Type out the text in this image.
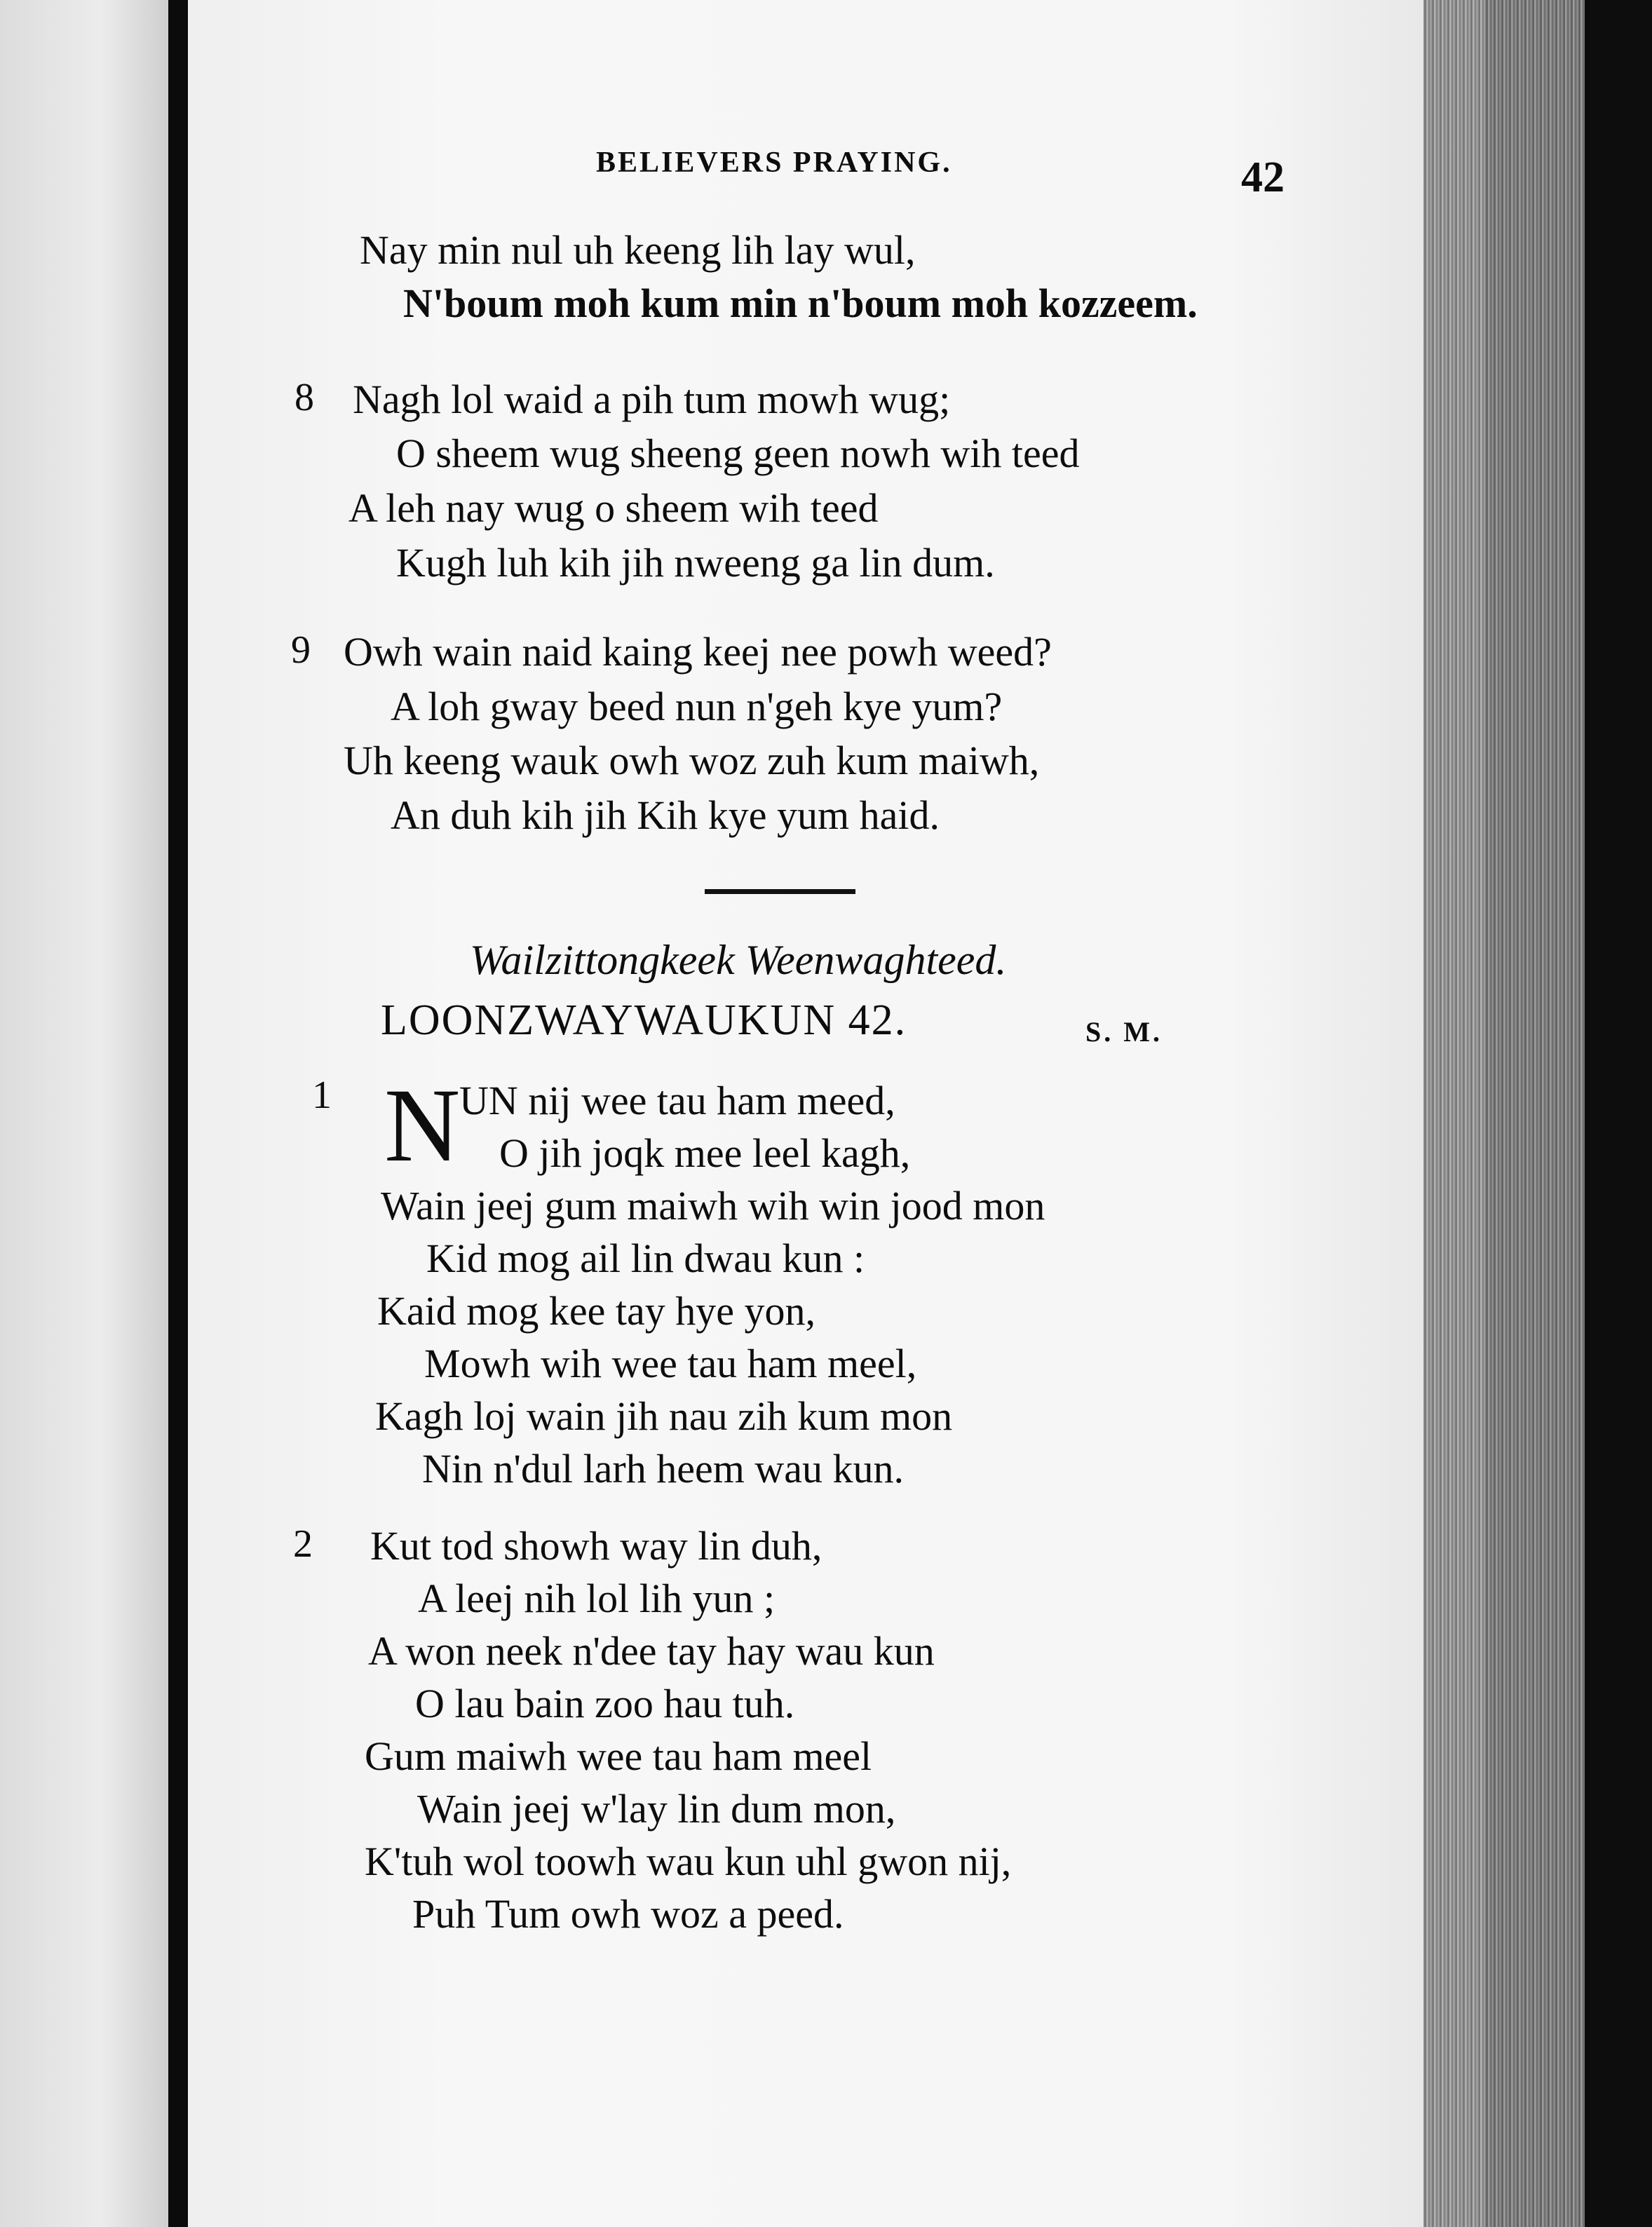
BELIEVERS PRAYING.	42
Nay min nul uh keeng lih lay wul,
N'boum moh kum min n'boum moh kozzeem.
8 Nagh lol waid a pih tum mowh wug;
O sheem wug sheeng geen nowh wih teed
A leh nay wug o sheem wih teed
Kugh luh kih jih nweeng ga lin dum.
9 Owh wain naid kaing keej nee powh weed?
A loh gway beed nun n'geh kye yum?
Uh keeng wauk owh woz zuh kum maiwh,
An duh kih jih Kih kye yum haid.
Wailzittongkeek Weenwaghteed.
LOONZWAYWAUKUN 42.	S. M.
1 N
UN nij wee tau ham meed,
O jih joqk mee leel kagh,
Wain jeej gum maiwh wih win jood mon
Kid mog ail lin dwau kun :
Kaid mog kee tay hye yon,
Mowh wih wee tau ham meel,
Kagh loj wain jih nau zih kum mon
Nin n'dul larh heem wau kun.
2 Kut tod showh way lin duh,
A leej nih lol lih yun ;
A won neek n'dee tay hay wau kun
O lau bain zoo hau tuh.
Gum maiwh wee tau ham meel
Wain jeej w'lay lin dum mon,
K'tuh wol toowh wau kun uhl gwon nij,
Puh Tum owh woz a peed.
